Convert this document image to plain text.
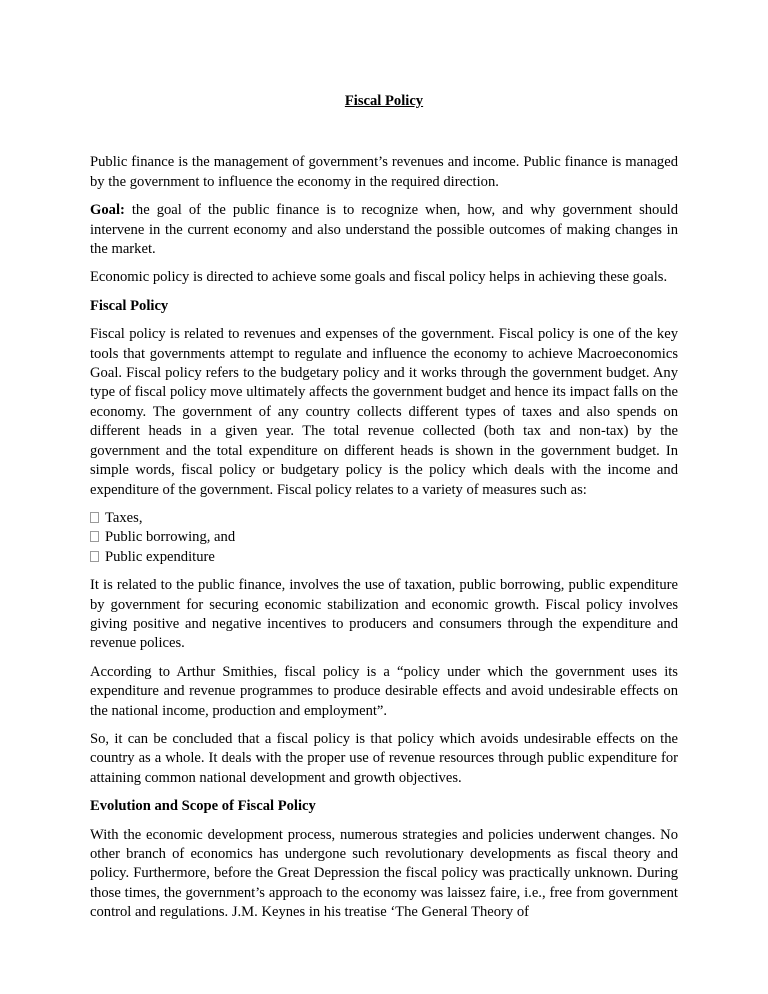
Fiscal Policy

Public finance is the management of government’s revenues and income. Public finance is managed by the government to influence the economy in the required direction.

Goal: the goal of the public finance is to recognize when, how, and why government should intervene in the current economy and also understand the possible outcomes of making changes in the market.

Economic policy is directed to achieve some goals and fiscal policy helps in achieving these goals.

Fiscal Policy

Fiscal policy is related to revenues and expenses of the government. Fiscal policy is one of the key tools that governments attempt to regulate and influence the economy to achieve Macroeconomics Goal. Fiscal policy refers to the budgetary policy and it works through the government budget. Any type of fiscal policy move ultimately affects the government budget and hence its impact falls on the economy. The government of any country collects different types of taxes and also spends on different heads in a given year. The total revenue collected (both tax and non-tax) by the government and the total expenditure on different heads is shown in the government budget. In simple words, fiscal policy or budgetary policy is the policy which deals with the income and expenditure of the government. Fiscal policy relates to a variety of measures such as:

Taxes,
Public borrowing, and
Public expenditure

It is related to the public finance, involves the use of taxation, public borrowing, public expenditure by government for securing economic stabilization and economic growth. Fiscal policy involves giving positive and negative incentives to producers and consumers through the expenditure and revenue polices.

According to Arthur Smithies, fiscal policy is a “policy under which the government uses its expenditure and revenue programmes to produce desirable effects and avoid undesirable effects on the national income, production and employment”.

So, it can be concluded that a fiscal policy is that policy which avoids undesirable effects on the country as a whole. It deals with the proper use of revenue resources through public expenditure for attaining common national development and growth objectives.

Evolution and Scope of Fiscal Policy

With the economic development process, numerous strategies and policies underwent changes. No other branch of economics has undergone such revolutionary developments as fiscal theory and policy. Furthermore, before the Great Depression the fiscal policy was practically unknown. During those times, the government’s approach to the economy was laissez faire, i.e., free from government control and regulations. J.M. Keynes in his treatise ‘The General Theory of
